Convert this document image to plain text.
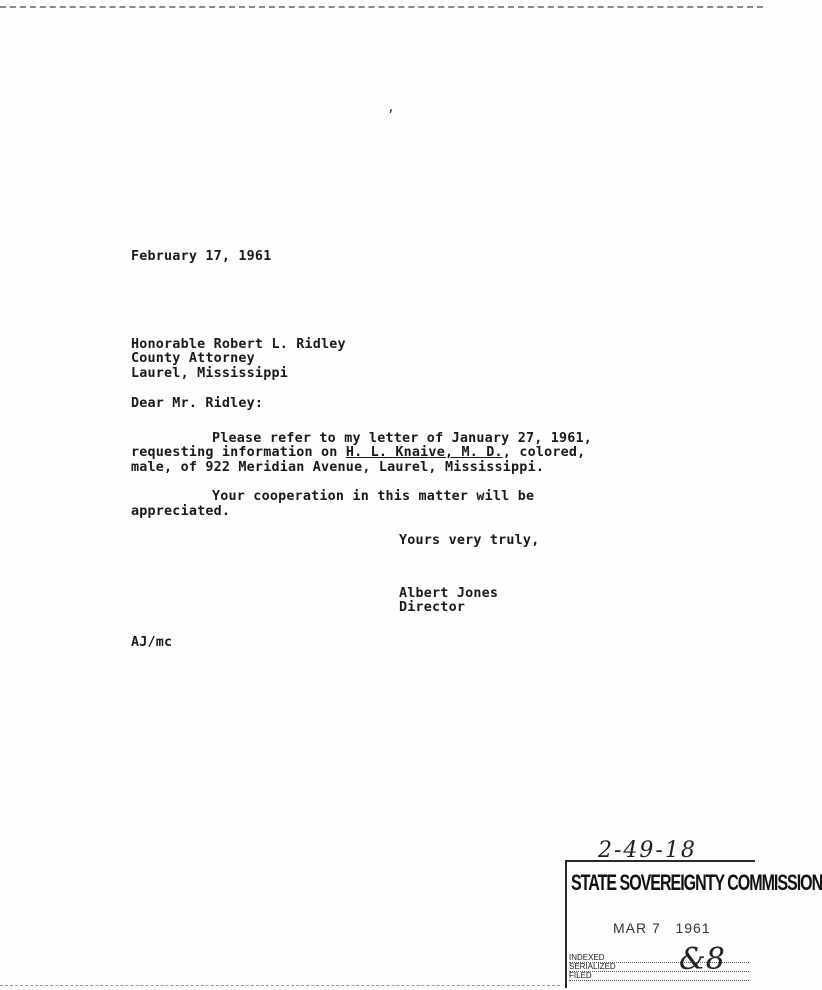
ʼ
February 17, 1961
Honorable Robert L. Ridley
County Attorney
Laurel, Mississippi
Dear Mr. Ridley:
Please refer to my letter of January 27, 1961,
requesting information on H. L. Knaive, M. D., colored,
male, of 922 Meridian Avenue, Laurel, Mississippi.
Your cooperation in this matter will be
appreciated.
Yours very truly,
Albert Jones
Director
AJ/mc
2-49-18
STATE SOVEREIGNTY COMMISSION
MAR 7   1961
INDEXED
SERIALIZED
FILED	&8
